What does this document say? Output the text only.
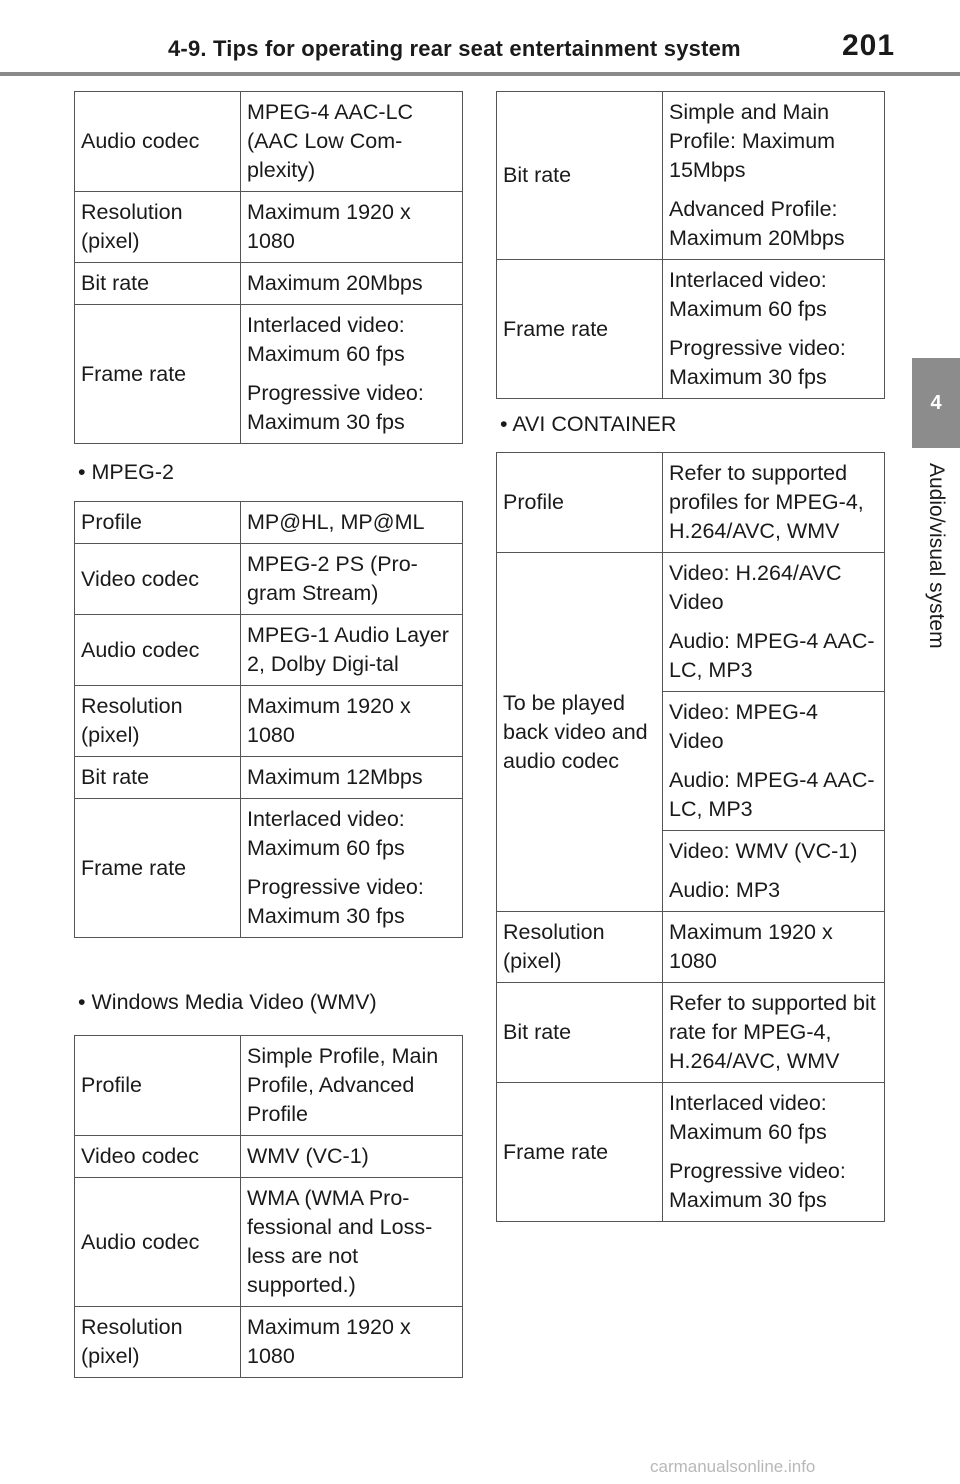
4-9. Tips for operating rear seat entertainment system	201
4
Audio/visual system
Audio codec	MPEG-4 AAC-LC (AAC Low Com-plexity)

Resolution (pixel)	Maximum 1920 x 1080

Bit rate	Maximum 20Mbps

Frame rate	Interlaced video: Maximum 60 fps

Progressive video: Maximum 30 fps

• MPEG-2
Profile	MP@HL, MP@ML

Video codec	MPEG-2 PS (Pro-gram Stream)

Audio codec	MPEG-1 Audio Layer 2, Dolby Digi-tal

Resolution (pixel)	Maximum 1920 x 1080

Bit rate	Maximum 12Mbps

Frame rate	Interlaced video: Maximum 60 fps

Progressive video: Maximum 30 fps

• Windows Media Video (WMV)
Profile	Simple Profile, Main Profile, Advanced Profile

Video codec	WMV (VC-1)

Audio codec	WMA (WMA Pro-fessional and Loss-less are not supported.)

Resolution (pixel)	Maximum 1920 x 1080

Bit rate	Simple and Main Profile: Maximum 15Mbps

Advanced Profile: Maximum 20Mbps

Frame rate	Interlaced video: Maximum 60 fps

Progressive video: Maximum 30 fps

• AVI CONTAINER
Profile	Refer to supported profiles for MPEG-4, H.264/AVC, WMV

To be played back video and audio codec	Video: H.264/AVC Video

Audio: MPEG-4 AAC-LC, MP3

	Video: MPEG-4 Video

Audio: MPEG-4 AAC-LC, MP3

	Video: WMV (VC-1)

Audio: MP3

Resolution (pixel)	Maximum 1920 x 1080

Bit rate	Refer to supported bit rate for MPEG-4, H.264/AVC, WMV

Frame rate	Interlaced video: Maximum 60 fps

Progressive video: Maximum 30 fps

carmanualsonline.info
